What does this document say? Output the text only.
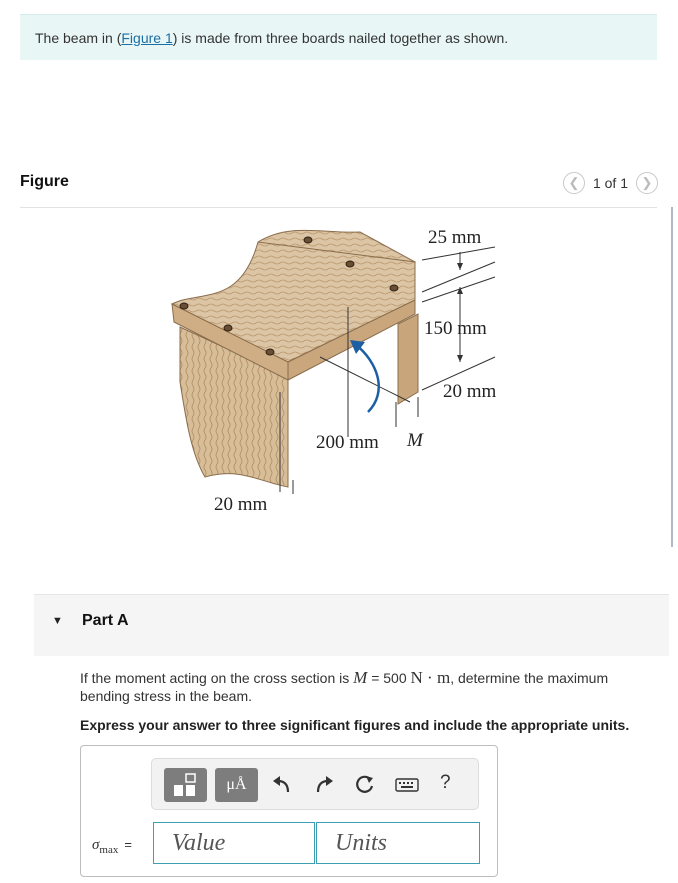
The beam in (Figure 1) is made from three boards nailed together as shown.
Figure	❮ 1 of 1 ❯
25 mm
150 mm
20 mm
200 mm M
20 mm
▼ Part A
If the moment acting on the cross section is M = 500 N · m, determine the maximum bending stress in the beam.
Express your answer to three significant figures and include the appropriate units.
μÅ	?
$\sigma_{max}$ =	Value	Units
